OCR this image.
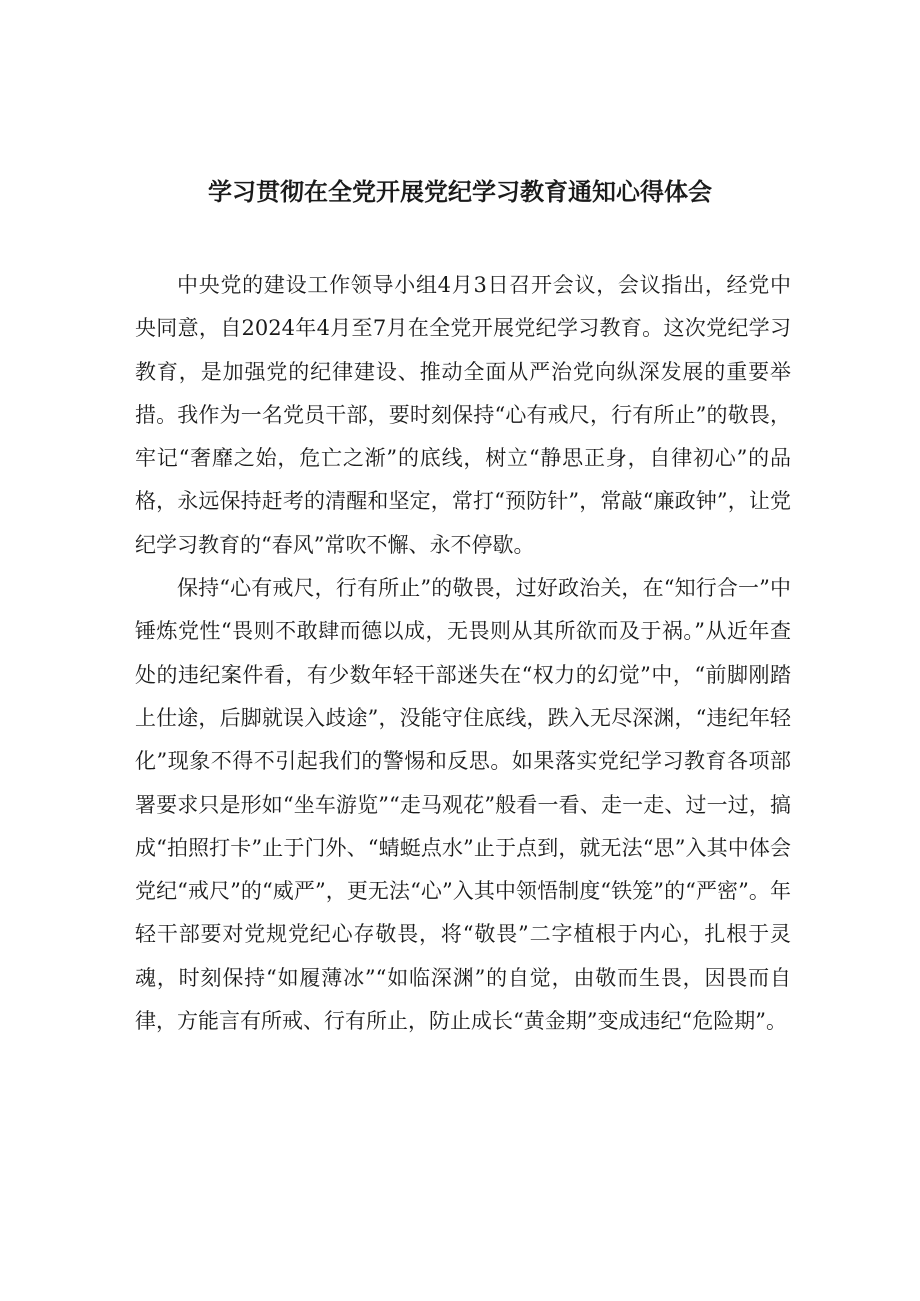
学习贯彻在全党开展党纪学习教育通知心得体会

中央党的建设工作领导小组4月3日召开会议，会议指出，经党中央同意，自2024年4月至7月在全党开展党纪学习教育。这次党纪学习教育，是加强党的纪律建设、推动全面从严治党向纵深发展的重要举措。我作为一名党员干部，要时刻保持“心有戒尺，行有所止”的敬畏，牢记“奢靡之始，危亡之渐”的底线，树立“静思正身，自律初心”的品格，永远保持赶考的清醒和坚定，常打“预防针”，常敲“廉政钟”，让党纪学习教育的“春风”常吹不懈、永不停歇。

保持“心有戒尺，行有所止”的敬畏，过好政治关，在“知行合一”中锤炼党性“畏则不敢肆而德以成，无畏则从其所欲而及于祸。”从近年查处的违纪案件看，有少数年轻干部迷失在“权力的幻觉”中，“前脚刚踏上仕途，后脚就误入歧途”，没能守住底线，跌入无尽深渊，“违纪年轻化”现象不得不引起我们的警惕和反思。如果落实党纪学习教育各项部署要求只是形如“坐车游览”“走马观花”般看一看、走一走、过一过，搞成“拍照打卡”止于门外、“蜻蜓点水”止于点到，就无法“思”入其中体会党纪“戒尺”的“威严”，更无法“心”入其中领悟制度“铁笼”的“严密”。年轻干部要对党规党纪心存敬畏，将“敬畏”二字植根于内心，扎根于灵魂，时刻保持“如履薄冰”“如临深渊”的自觉，由敬而生畏，因畏而自律，方能言有所戒、行有所止，防止成长“黄金期”变成违纪“危险期”。
